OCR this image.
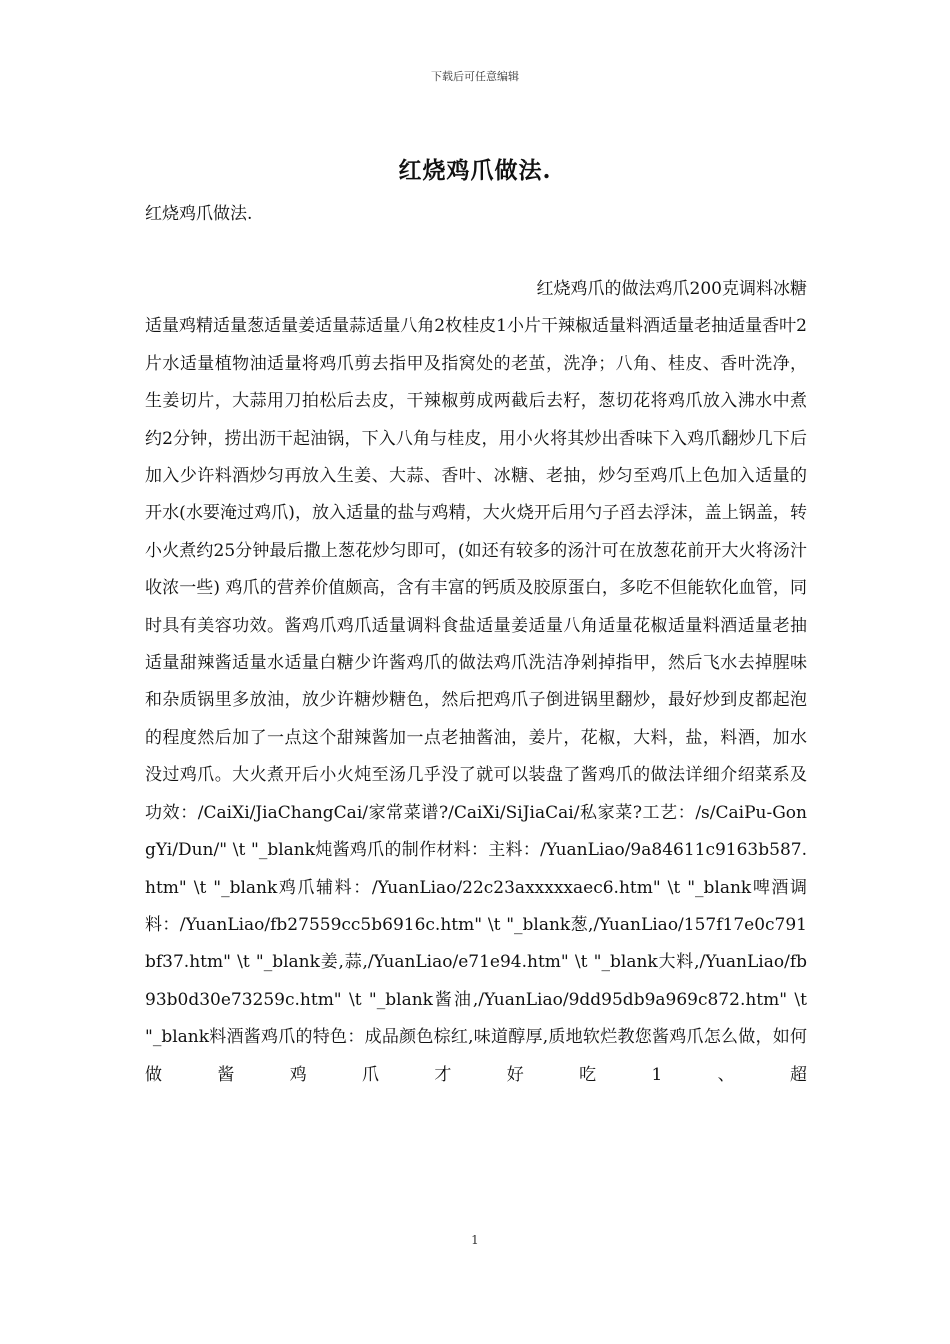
下载后可任意编辑
红烧鸡爪做法.
红烧鸡爪做法.
红烧鸡爪的做法鸡爪200克调料冰糖
适量鸡精适量葱适量姜适量蒜适量八角2枚桂皮1小片干辣椒适量料酒适量老抽适量香叶2片水适量植物油适量将鸡爪剪去指甲及指窝处的老茧，洗净；八角、桂皮、香叶洗净，生姜切片，大蒜用刀拍松后去皮，干辣椒剪成两截后去籽，葱切花将鸡爪放入沸水中煮约2分钟，捞出沥干起油锅，下入八角与桂皮，用小火将其炒出香味下入鸡爪翻炒几下后加入少许料酒炒匀再放入生姜、大蒜、香叶、冰糖、老抽，炒匀至鸡爪上色加入适量的开水(水要淹过鸡爪)，放入适量的盐与鸡精，大火烧开后用勺子舀去浮沫，盖上锅盖，转小火煮约25分钟最后撒上葱花炒匀即可，(如还有较多的汤汁可在放葱花前开大火将汤汁收浓一些) 鸡爪的营养价值颇高，含有丰富的钙质及胶原蛋白，多吃不但能软化血管，同时具有美容功效。酱鸡爪鸡爪适量调料食盐适量姜适量八角适量花椒适量料酒适量老抽适量甜辣酱适量水适量白糖少许酱鸡爪的做法鸡爪洗洁净剁掉指甲，然后飞水去掉腥味和杂质锅里多放油，放少许糖炒糖色，然后把鸡爪子倒进锅里翻炒，最好炒到皮都起泡的程度然后加了一点这个甜辣酱加一点老抽酱油，姜片，花椒，大料，盐，料酒，加水没过鸡爪。大火煮开后小火炖至汤几乎没了就可以装盘了酱鸡爪的做法详细介绍菜系及功效：/CaiXi/JiaChangCai/家常菜谱?/CaiXi/SiJiaCai/私家菜?工艺：/s/CaiPu-GongYi/Dun/" \t "_blank炖酱鸡爪的制作材料：主料：/YuanLiao/9a84611c9163b587.htm" \t "_blank鸡爪辅料：/YuanLiao/22c23axxxxxaec6.htm" \t "_blank啤酒调料：/YuanLiao/fb27559cc5b6916c.htm" \t "_blank葱,/YuanLiao/157f17e0c791bf37.htm" \t "_blank姜,蒜,/YuanLiao/e71e94.htm" \t "_blank大料,/YuanLiao/fb93b0d30e73259c.htm" \t "_blank酱油,/YuanLiao/9dd95db9a969c872.htm" \t "_blank料酒酱鸡爪的特色：成品颜色棕红,味道醇厚,质地软烂教您酱鸡爪怎么做，如何做酱鸡爪才好吃1、超
1
